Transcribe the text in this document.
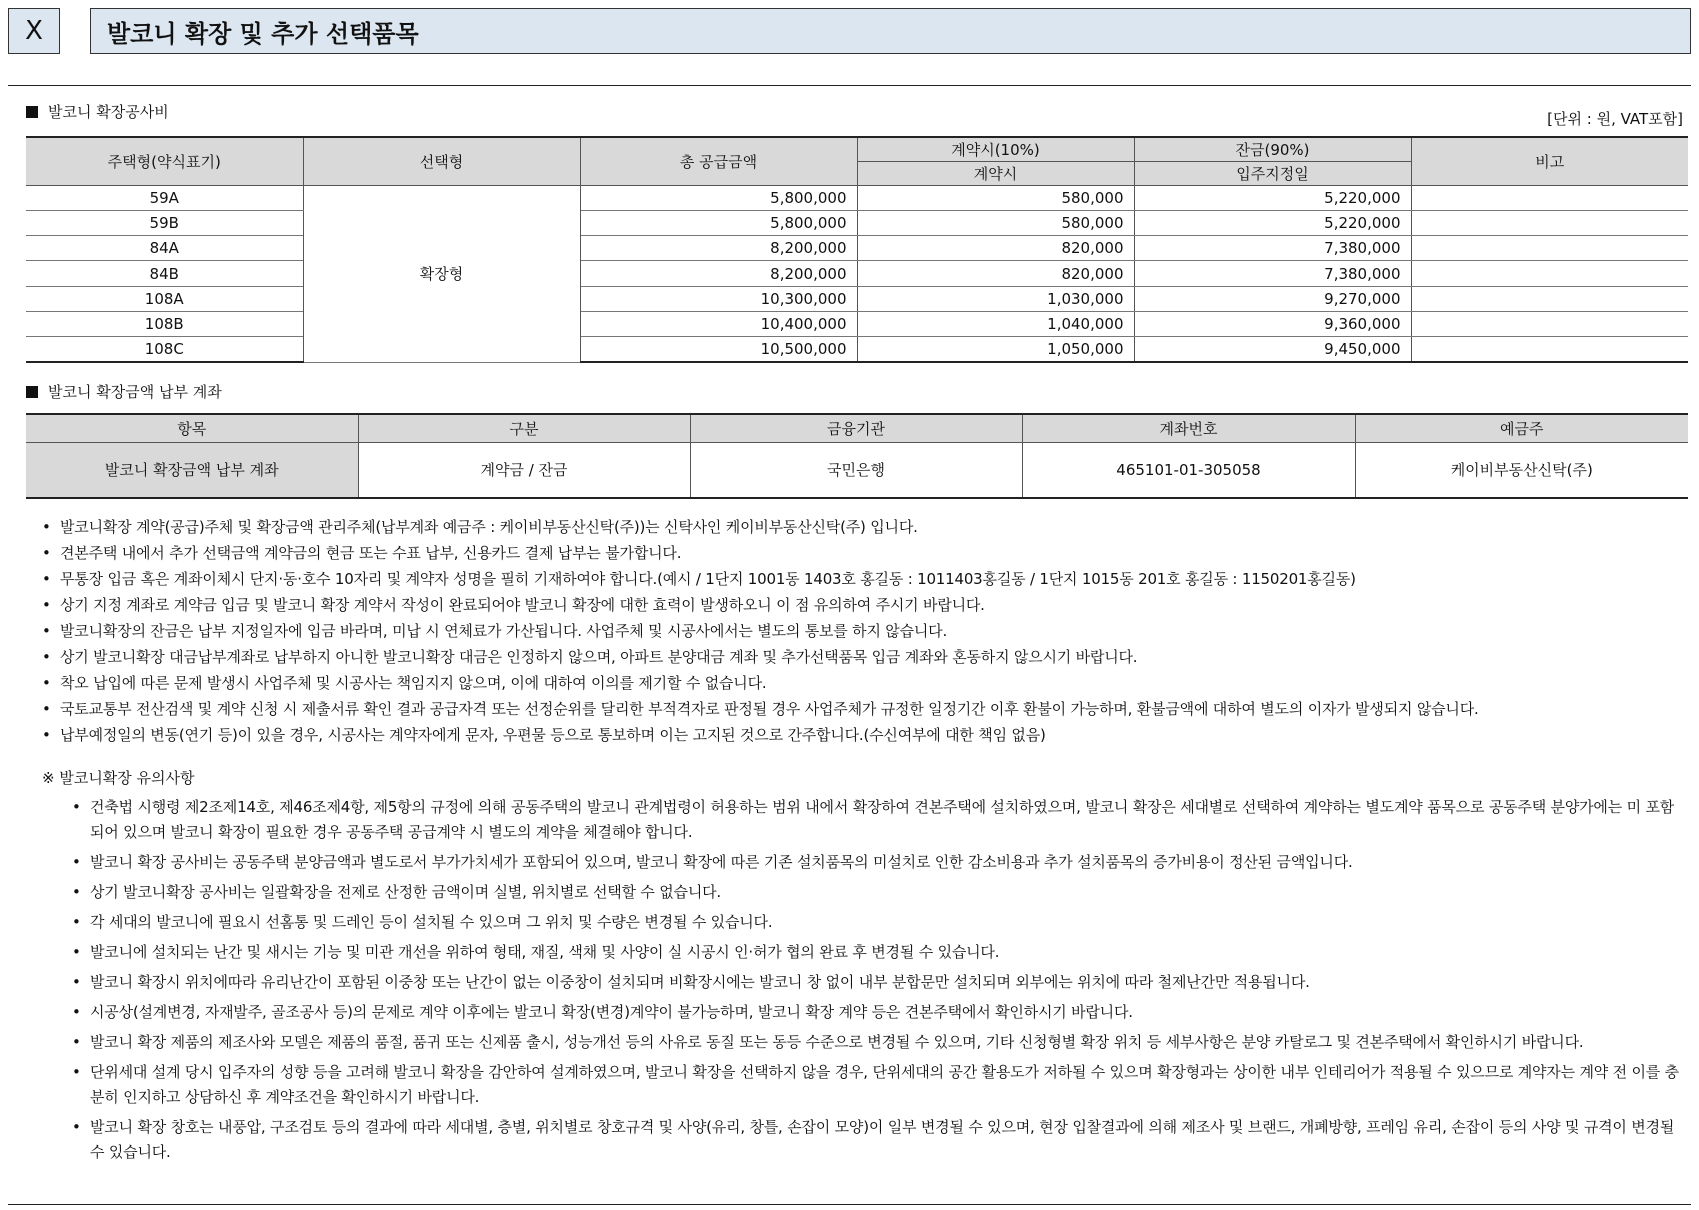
X	발코니 확장 및 추가 선택품목
발코니 확장공사비	[단위 : 원, VAT포함]
주택형(약식표기)	선택형	총 공급금액	계약시(10%)	잔금(90%)	비고
			계약시	입주지정일	
59A	확장형	5,800,000	580,000	5,220,000	
59B		5,800,000	580,000	5,220,000	
84A		8,200,000	820,000	7,380,000	
84B		8,200,000	820,000	7,380,000	
108A		10,300,000	1,030,000	9,270,000	
108B		10,400,000	1,040,000	9,360,000	
108C		10,500,000	1,050,000	9,450,000	
발코니 확장금액 납부 계좌
항목	구분	금융기관	계좌번호	예금주
발코니 확장금액 납부 계좌	계약금 / 잔금	국민은행	465101-01-305058	케이비부동산신탁(주)
• 발코니확장 계약(공급)주체 및 확장금액 관리주체(납부계좌 예금주 : 케이비부동산신탁(주))는 신탁사인 케이비부동산신탁(주) 입니다.
• 견본주택 내에서 추가 선택금액 계약금의 현금 또는 수표 납부, 신용카드 결제 납부는 불가합니다.
• 무통장 입금 혹은 계좌이체시 단지·동·호수 10자리 및 계약자 성명을 필히 기재하여야 합니다.(예시 / 1단지 1001동 1403호 홍길동 : 1011403홍길동 / 1단지 1015동 201호 홍길동 : 1150201홍길동)
• 상기 지정 계좌로 계약금 입금 및 발코니 확장 계약서 작성이 완료되어야 발코니 확장에 대한 효력이 발생하오니 이 점 유의하여 주시기 바랍니다.
• 발코니확장의 잔금은 납부 지정일자에 입금 바라며, 미납 시 연체료가 가산됩니다. 사업주체 및 시공사에서는 별도의 통보를 하지 않습니다.
• 상기 발코니확장 대금납부계좌로 납부하지 아니한 발코니확장 대금은 인정하지 않으며, 아파트 분양대금 계좌 및 추가선택품목 입금 계좌와 혼동하지 않으시기 바랍니다.
• 착오 납입에 따른 문제 발생시 사업주체 및 시공사는 책임지지 않으며, 이에 대하여 이의를 제기할 수 없습니다.
• 국토교통부 전산검색 및 계약 신청 시 제출서류 확인 결과 공급자격 또는 선정순위를 달리한 부적격자로 판정될 경우 사업주체가 규정한 일정기간 이후 환불이 가능하며, 환불금액에 대하여 별도의 이자가 발생되지 않습니다.
• 납부예정일의 변동(연기 등)이 있을 경우, 시공사는 계약자에게 문자, 우편물 등으로 통보하며 이는 고지된 것으로 간주합니다.(수신여부에 대한 책임 없음)
※ 발코니확장 유의사항
• 건축법 시행령 제2조제14호, 제46조제4항, 제5항의 규정에 의해 공동주택의 발코니 관계법령이 허용하는 범위 내에서 확장하여 견본주택에 설치하였으며, 발코니 확장은 세대별로 선택하여 계약하는 별도계약 품목으로 공동주택 분양가에는 미 포함되어 있으며 발코니 확장이 필요한 경우 공동주택 공급계약 시 별도의 계약을 체결해야 합니다.
• 발코니 확장 공사비는 공동주택 분양금액과 별도로서 부가가치세가 포함되어 있으며, 발코니 확장에 따른 기존 설치품목의 미설치로 인한 감소비용과 추가 설치품목의 증가비용이 정산된 금액입니다.
• 상기 발코니확장 공사비는 일괄확장을 전제로 산정한 금액이며 실별, 위치별로 선택할 수 없습니다.
• 각 세대의 발코니에 필요시 선홈통 및 드레인 등이 설치될 수 있으며 그 위치 및 수량은 변경될 수 있습니다.
• 발코니에 설치되는 난간 및 새시는 기능 및 미관 개선을 위하여 형태, 재질, 색채 및 사양이 실 시공시 인·허가 협의 완료 후 변경될 수 있습니다.
• 발코니 확장시 위치에따라 유리난간이 포함된 이중창 또는 난간이 없는 이중창이 설치되며 비확장시에는 발코니 창 없이 내부 분합문만 설치되며 외부에는 위치에 따라 철제난간만 적용됩니다.
• 시공상(설계변경, 자재발주, 골조공사 등)의 문제로 계약 이후에는 발코니 확장(변경)계약이 불가능하며, 발코니 확장 계약 등은 견본주택에서 확인하시기 바랍니다.
• 발코니 확장 제품의 제조사와 모델은 제품의 품절, 품귀 또는 신제품 출시, 성능개선 등의 사유로 동질 또는 동등 수준으로 변경될 수 있으며, 기타 신청형별 확장 위치 등 세부사항은 분양 카탈로그 및 견본주택에서 확인하시기 바랍니다.
• 단위세대 설계 당시 입주자의 성향 등을 고려해 발코니 확장을 감안하여 설계하였으며, 발코니 확장을 선택하지 않을 경우, 단위세대의 공간 활용도가 저하될 수 있으며 확장형과는 상이한 내부 인테리어가 적용될 수 있으므로 계약자는 계약 전 이를 충분히 인지하고 상담하신 후 계약조건을 확인하시기 바랍니다.
• 발코니 확장 창호는 내풍압, 구조검토 등의 결과에 따라 세대별, 층별, 위치별로 창호규격 및 사양(유리, 창틀, 손잡이 모양)이 일부 변경될 수 있으며, 현장 입찰결과에 의해 제조사 및 브랜드, 개폐방향, 프레임 유리, 손잡이 등의 사양 및 규격이 변경될 수 있습니다.
